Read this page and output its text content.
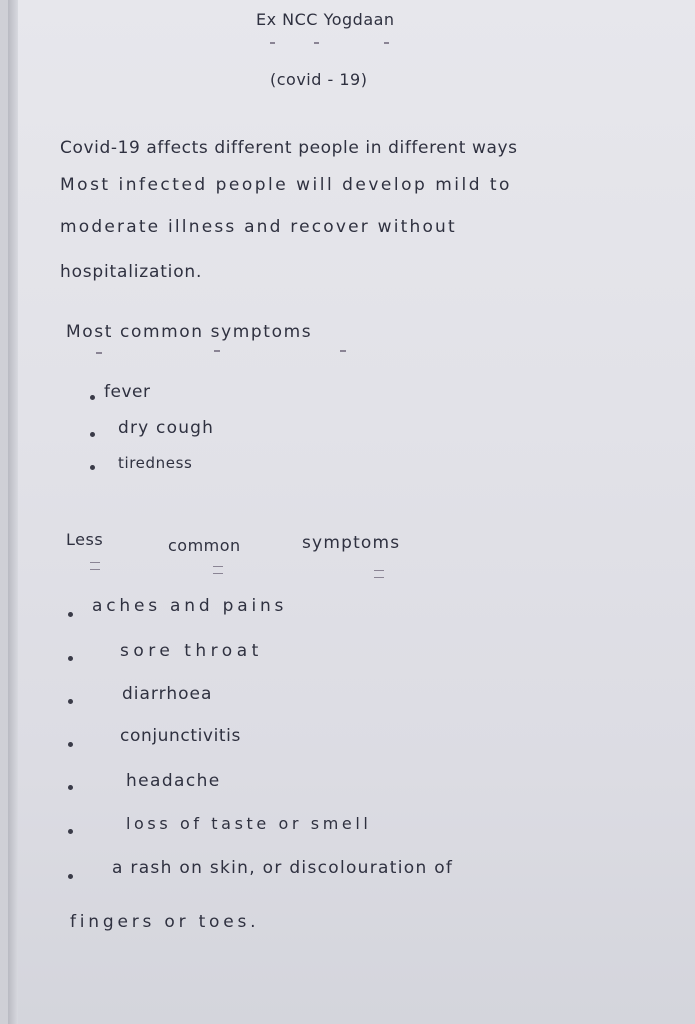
Ex NCC Yogdaan
(covid - 19)
Covid-19 affects different people in different ways
Most infected people will develop mild to
moderate illness and recover without
hospitalization.
Most common symptoms
fever
dry cough
tiredness
Less	common	symptoms
aches and pains
sore throat
diarrhoea
conjunctivitis
headache
loss of taste or smell
a rash on skin, or discolouration of
fingers or toes.
